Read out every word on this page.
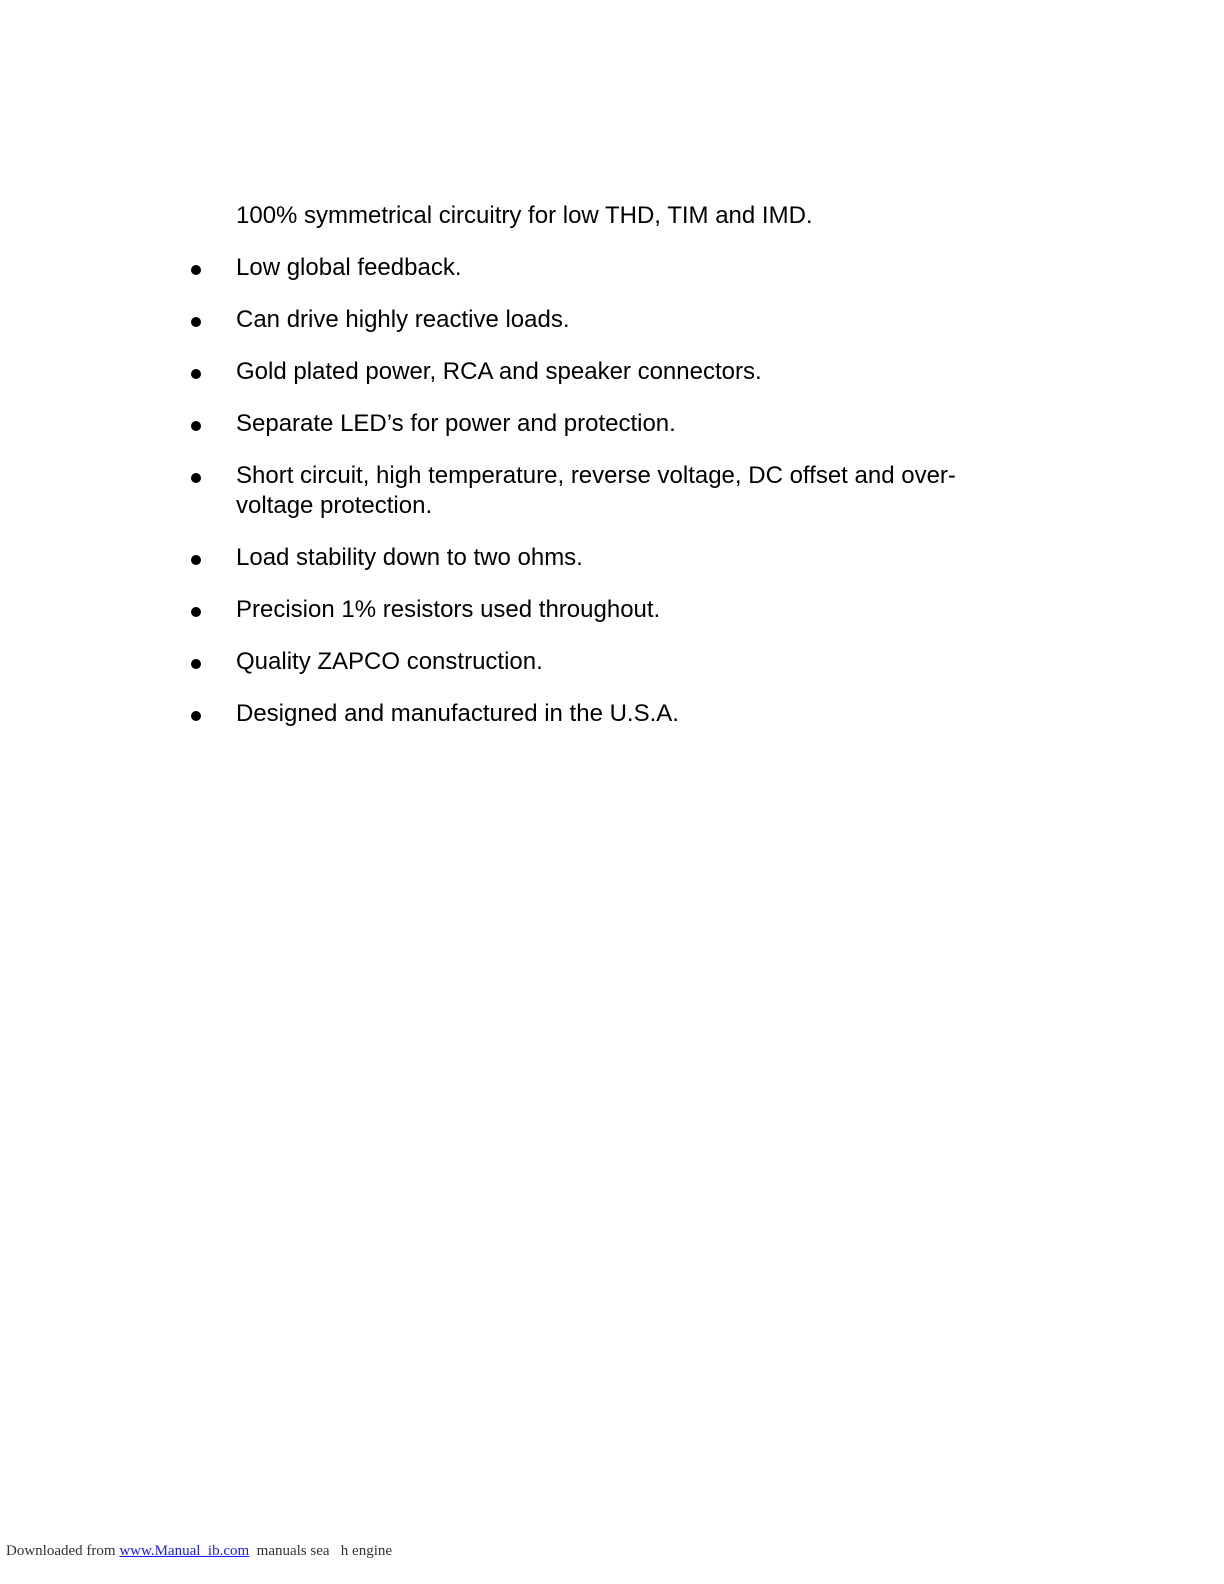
100% symmetrical circuitry for low THD, TIM and IMD.
Low global feedback.
Can drive highly reactive loads.
Gold plated power, RCA and speaker connectors.
Separate LED’s for power and protection.
Short circuit, high temperature, reverse voltage, DC offset and over-voltage protection.
Load stability down to two ohms.
Precision 1% resistors used throughout.
Quality ZAPCO construction.
Designed and manufactured in the U.S.A.
Downloaded from www.Manual  ib.com  manuals sea   h engine
